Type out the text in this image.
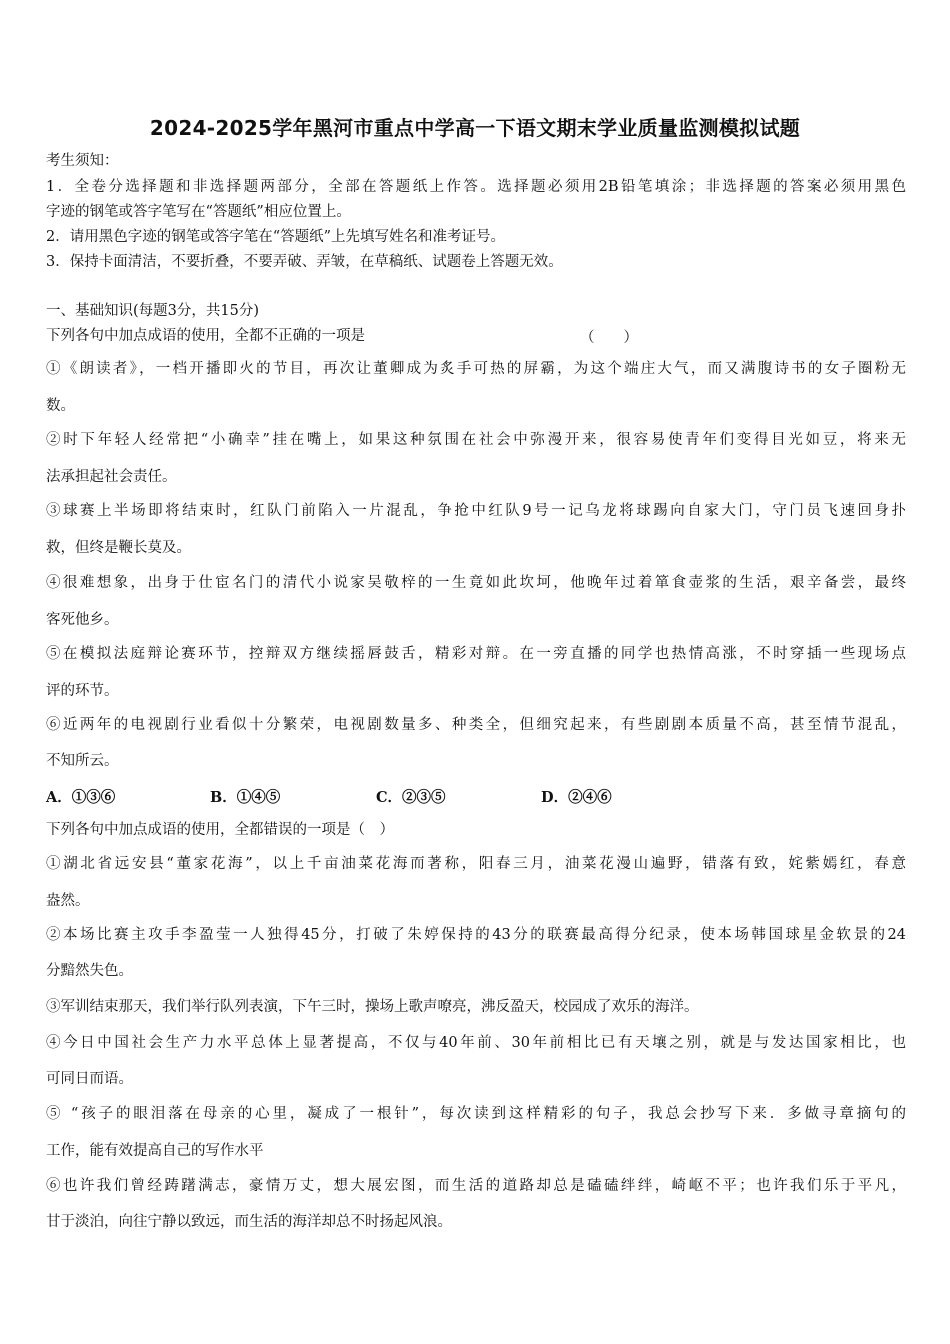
2024-2025学年黑河市重点中学高一下语文期末学业质量监测模拟试题
考生须知：
1．全卷分选择题和非选择题两部分，全部在答题纸上作答。选择题必须用2B铅笔填涂；非选择题的答案必须用黑色
字迹的钢笔或答字笔写在“答题纸”相应位置上。
2．请用黑色字迹的钢笔或答字笔在“答题纸”上先填写姓名和准考证号。
3．保持卡面清洁，不要折叠，不要弄破、弄皱，在草稿纸、试题卷上答题无效。
一、基础知识(每题3分，共15分)
下列各句中加点成语的使用，全都不正确的一项是	（　　）
①《朗读者》，一档开播即火的节目，再次让董卿成为炙手可热的屏霸，为这个端庄大气，而又满腹诗书的女子圈粉无
数。
②时下年轻人经常把“小确幸”挂在嘴上，如果这种氛围在社会中弥漫开来，很容易使青年们变得目光如豆，将来无
法承担起社会责任。
③球赛上半场即将结束时，红队门前陷入一片混乱，争抢中红队9号一记乌龙将球踢向自家大门，守门员飞速回身扑
救，但终是鞭长莫及。
④很难想象，出身于仕宦名门的清代小说家吴敬梓的一生竟如此坎坷，他晚年过着箪食壶浆的生活，艰辛备尝，最终
客死他乡。
⑤在模拟法庭辩论赛环节，控辩双方继续摇唇鼓舌，精彩对辩。在一旁直播的同学也热情高涨，不时穿插一些现场点
评的环节。
⑥近两年的电视剧行业看似十分繁荣，电视剧数量多、种类全，但细究起来，有些剧剧本质量不高，甚至情节混乱，
不知所云。
A．①③⑥	B．①④⑤	C．②③⑤	D．②④⑥
下列各句中加点成语的使用，全都错误的一项是（　）
①湖北省远安县“董家花海”，以上千亩油菜花海而著称，阳春三月，油菜花漫山遍野，错落有致，姹紫嫣红，春意
盎然。
②本场比赛主攻手李盈莹一人独得45分，打破了朱婷保持的43分的联赛最高得分纪录，使本场韩国球星金软景的24
分黯然失色。
③军训结束那天，我们举行队列表演，下午三时，操场上歌声嘹亮，沸反盈天，校园成了欢乐的海洋。
④今日中国社会生产力水平总体上显著提高，不仅与40年前、30年前相比已有天壤之别，就是与发达国家相比，也
可同日而语。
⑤ “孩子的眼泪落在母亲的心里，凝成了一根针”，每次读到这样精彩的句子，我总会抄写下来．多做寻章摘句的
工作，能有效提高自己的写作水平
⑥也许我们曾经踌躇满志，豪情万丈，想大展宏图，而生活的道路却总是磕磕绊绊，崎岖不平；也许我们乐于平凡，
甘于淡泊，向往宁静以致远，而生活的海洋却总不时扬起风浪。
